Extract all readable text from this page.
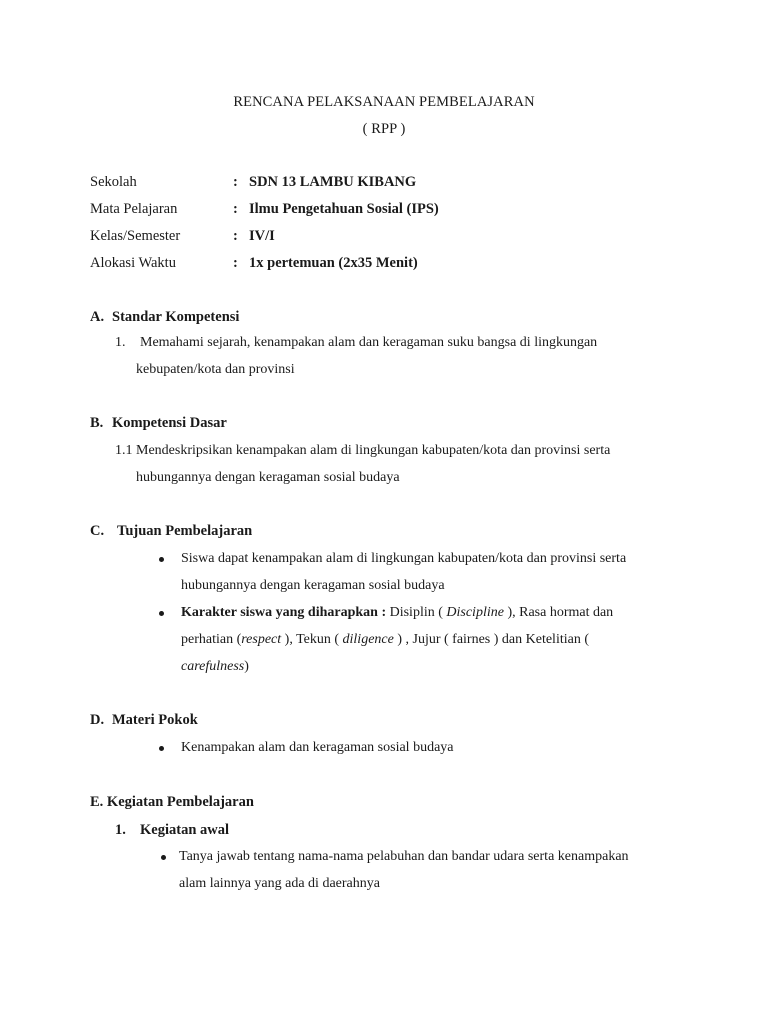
RENCANA PELAKSANAAN PEMBELAJARAN
( RPP )
Sekolah	: SDN 13 LAMBU KIBANG
Mata Pelajaran	: Ilmu Pengetahuan Sosial (IPS)
Kelas/Semester	: IV/I
Alokasi Waktu	: 1x pertemuan (2x35 Menit)
A. Standar Kompetensi
1. Memahami sejarah, kenampakan alam dan keragaman suku bangsa di lingkungan
kebupaten/kota dan provinsi
B. Kompetensi Dasar
1.1 Mendeskripsikan kenampakan alam di lingkungan kabupaten/kota dan provinsi serta
hubungannya dengan keragaman sosial budaya
C. Tujuan Pembelajaran
Siswa dapat kenampakan alam di lingkungan kabupaten/kota dan provinsi serta
hubungannya dengan keragaman sosial budaya
Karakter siswa yang diharapkan : Disiplin ( Discipline ), Rasa hormat dan
perhatian (respect ), Tekun ( diligence ) , Jujur ( fairnes ) dan Ketelitian (
carefulness)
D. Materi Pokok
Kenampakan alam dan keragaman sosial budaya
E. Kegiatan Pembelajaran
1. Kegiatan awal
Tanya jawab tentang nama-nama pelabuhan dan bandar udara serta kenampakan
alam lainnya yang ada di daerahnya
